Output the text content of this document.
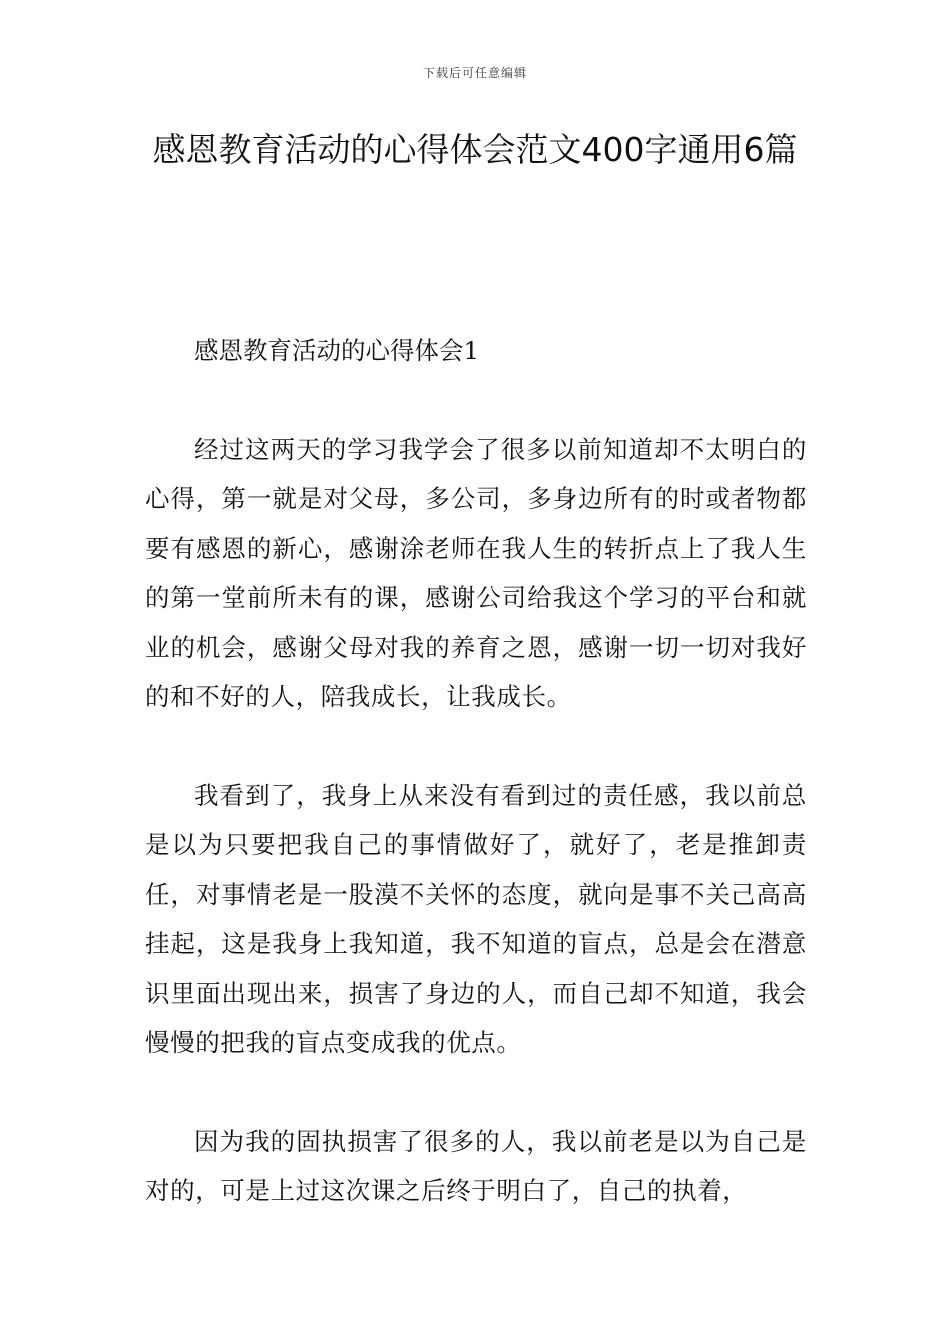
下载后可任意编辑
感恩教育活动的心得体会范文400字通用6篇

感恩教育活动的心得体会1

经过这两天的学习我学会了很多以前知道却不太明白的心得，第一就是对父母，多公司，多身边所有的时或者物都要有感恩的新心，感谢涂老师在我人生的转折点上了我人生的第一堂前所未有的课，感谢公司给我这个学习的平台和就业的机会，感谢父母对我的养育之恩，感谢一切一切对我好的和不好的人，陪我成长，让我成长。

我看到了，我身上从来没有看到过的责任感，我以前总是以为只要把我自己的事情做好了，就好了，老是推卸责任，对事情老是一股漠不关怀的态度，就向是事不关己高高挂起，这是我身上我知道，我不知道的盲点，总是会在潜意识里面出现出来，损害了身边的人，而自己却不知道，我会慢慢的把我的盲点变成我的优点。

因为我的固执损害了很多的人，我以前老是以为自己是对的，可是上过这次课之后终于明白了，自己的执着，
